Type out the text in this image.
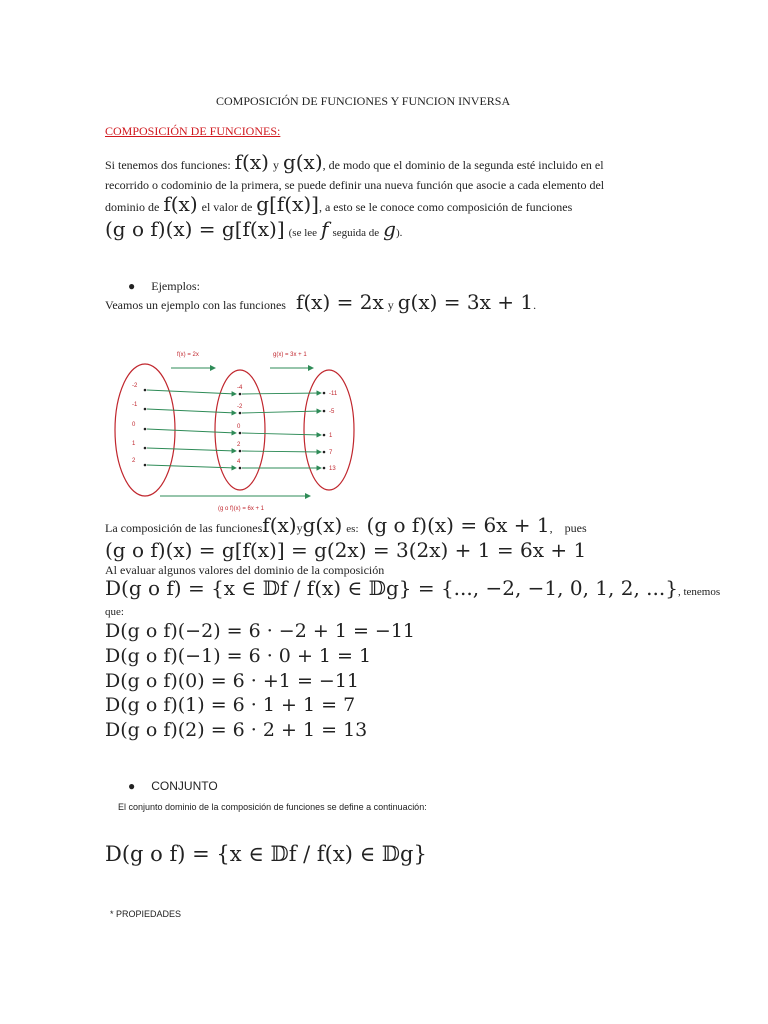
COMPOSICIÓN DE FUNCIONES Y FUNCION INVERSA
COMPOSICIÓN DE FUNCIONES:
Si tenemos dos funciones: f(x) y g(x), de modo que el dominio de la segunda esté incluido en el
recorrido o codominio de la primera, se puede definir una nueva función que asocie a cada elemento del
dominio de f(x) el valor de g[f(x)], a esto se le conoce como composición de funciones
(g o f)(x) = g[f(x)] (se lee f seguida de g).
● Ejemplos:
Veamos un ejemplo con las funciones f(x) = 2x y g(x) = 3x + 1.
f(x) = 2x	g(x) = 3x + 1
-2
-1
0
1
2
-4
-2
0
2
4
-11
-5
1
7
13
(g o f)(x) = 6x + 1
La composición de las funcionesf(x)yg(x) es: (g o f)(x) = 6x + 1, pues
(g o f)(x) = g[f(x)] = g(2x) = 3(2x) + 1 = 6x + 1
Al evaluar algunos valores del dominio de la composición
D(g o f) = {x ∈ 𝔻f / f(x) ∈ 𝔻g} = {..., −2, −1, 0, 1, 2, ...}, tenemos
que:
D(g o f)(−2) = 6 · −2 + 1 = −11
D(g o f)(−1) = 6 · 0 + 1 = 1
D(g o f)(0) = 6 · +1 = −11
D(g o f)(1) = 6 · 1 + 1 = 7
D(g o f)(2) = 6 · 2 + 1 = 13
● CONJUNTO
El conjunto dominio de la composición de funciones se define a continuación:
D(g o f) = {x ∈ 𝔻f / f(x) ∈ 𝔻g}
* PROPIEDADES
